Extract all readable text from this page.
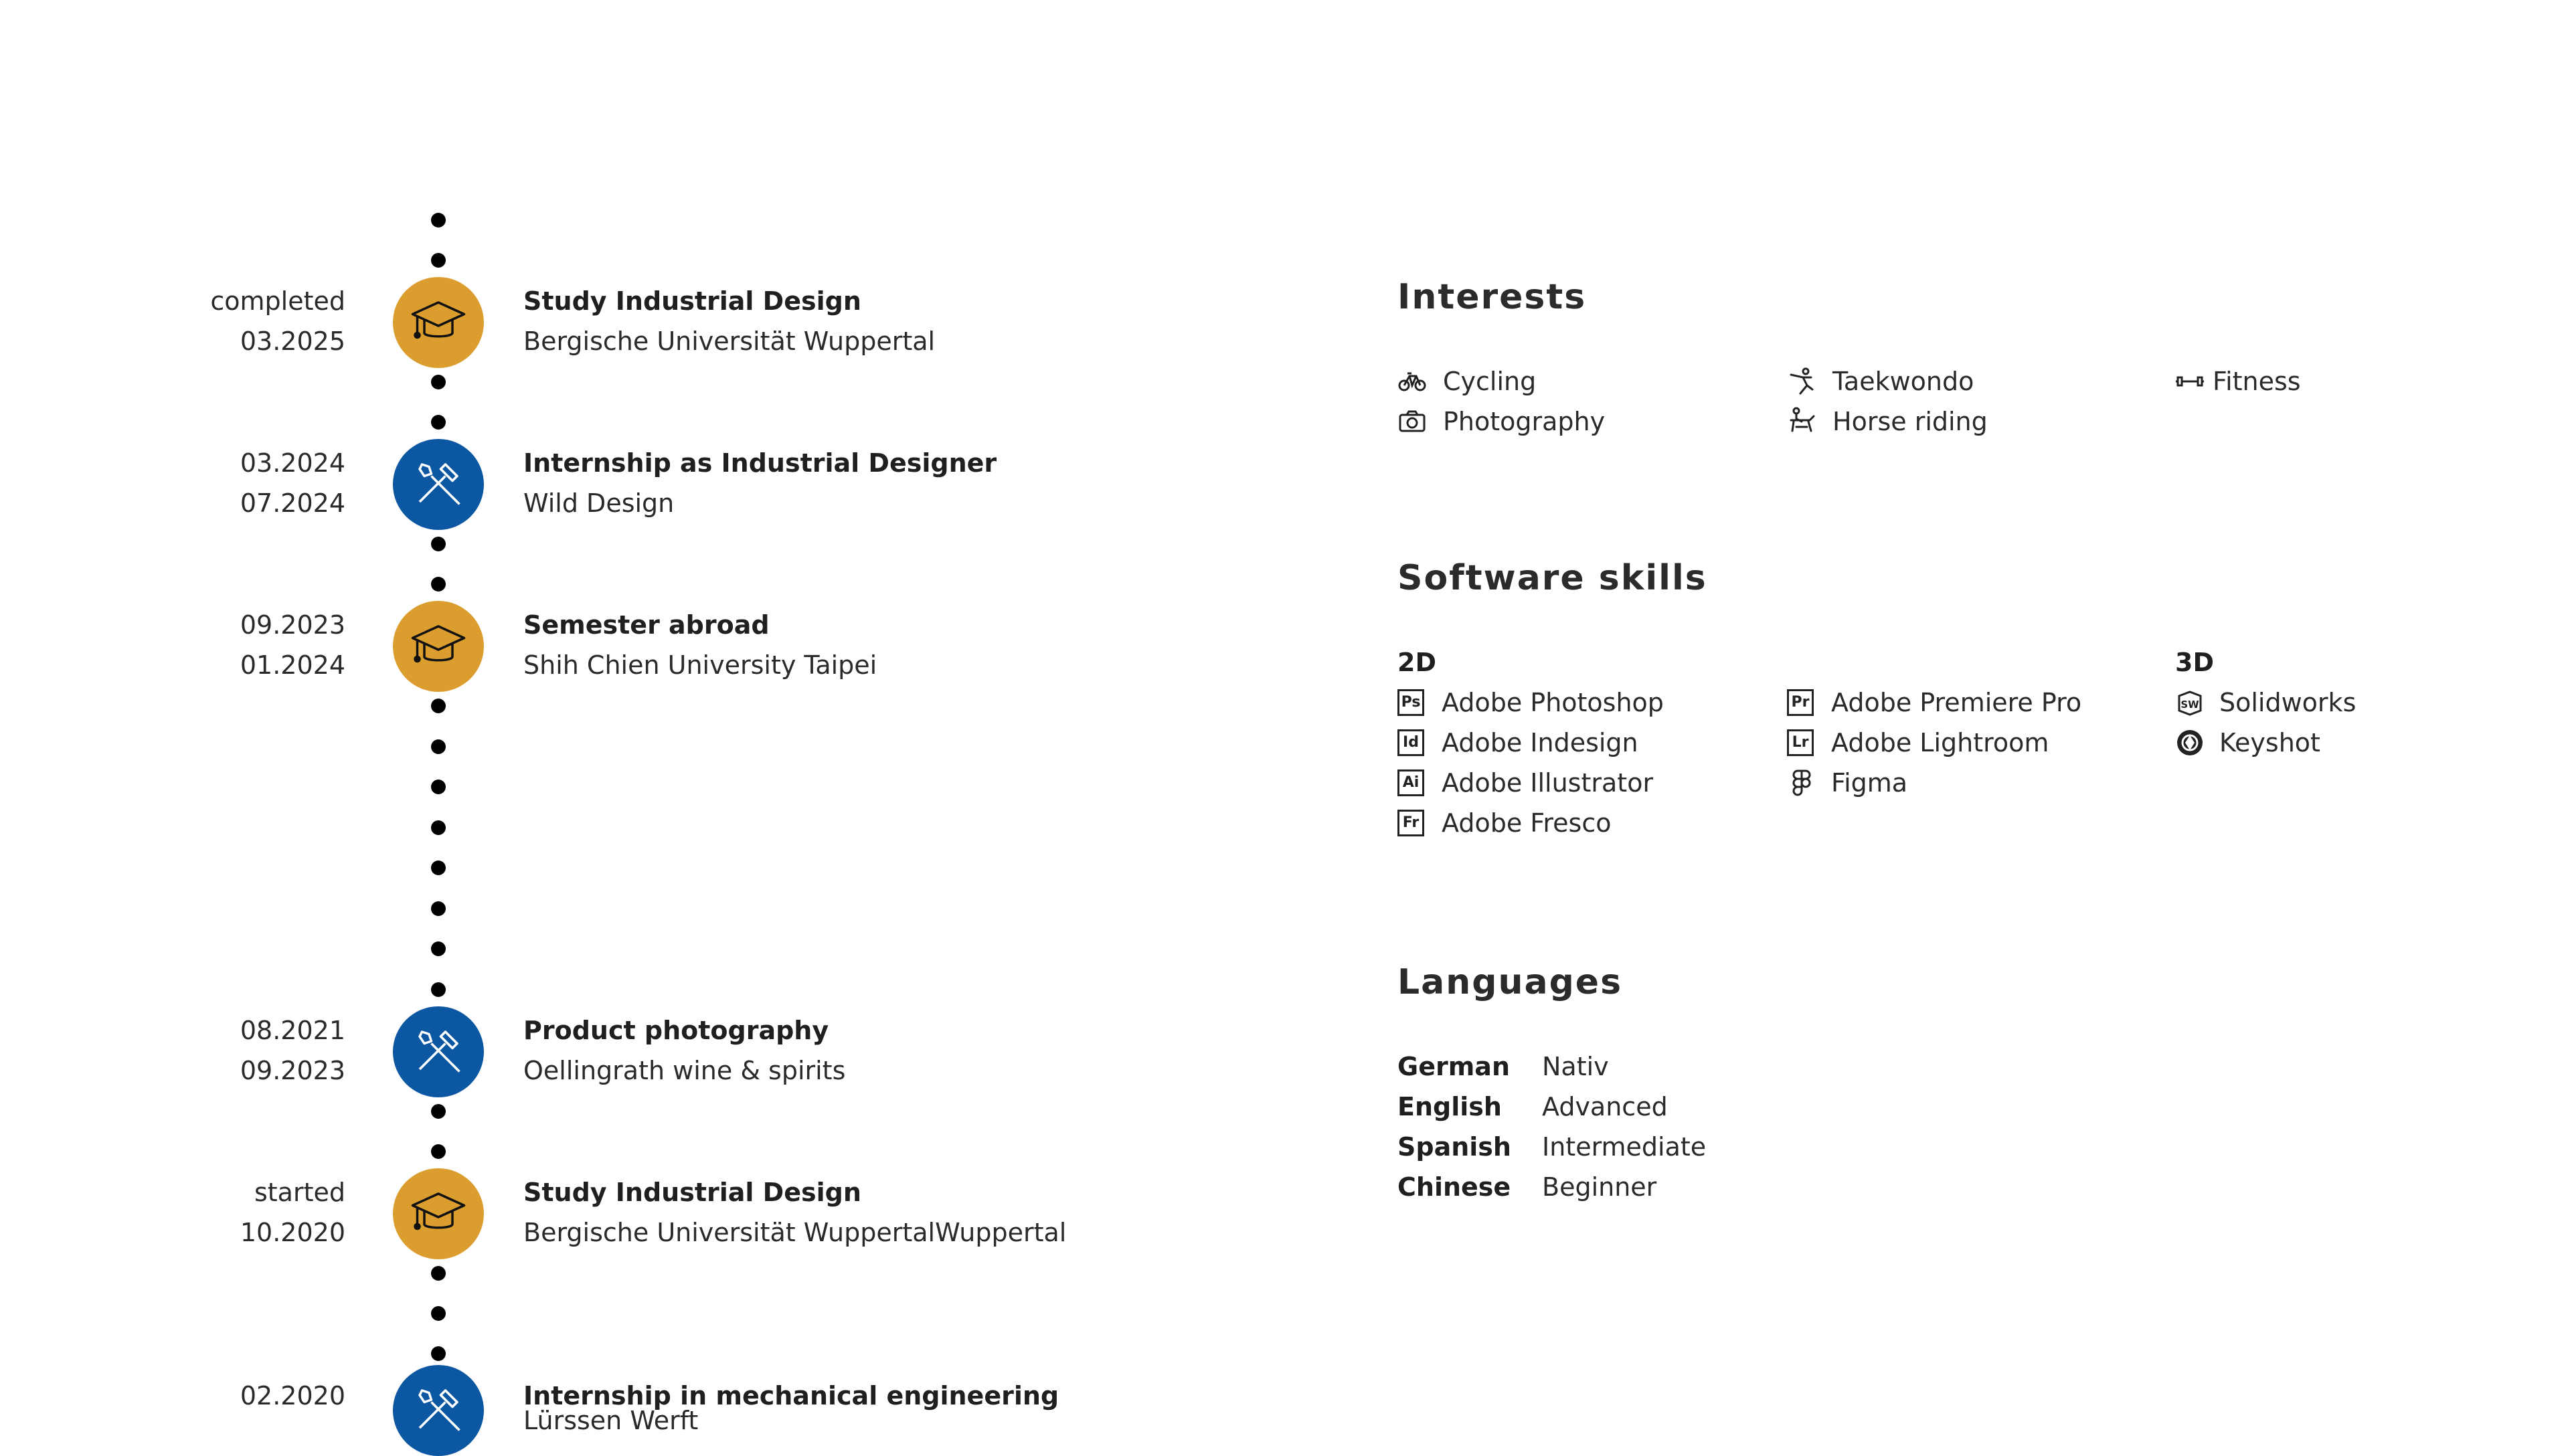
completed
03.2025
Study Industrial Design
Bergische Universität Wuppertal
03.2024
07.2024
Internship as Industrial Designer
Wild Design
09.2023
01.2024
Semester abroad
Shih Chien University Taipei
08.2021
09.2023
Product photography
Oellingrath wine & spirits
started
10.2020
Study Industrial Design
Bergische Universität WuppertalWuppertal
02.2020	Internship in mechanical engineering
Lürssen Werft
Interests
Cycling
Photography
Taekwondo
Horse riding
Fitness
Software skills
2D	3D
Ps Adobe Photoshop
Id Adobe Indesign
Ai Adobe Illustrator
Fr Adobe Fresco
Pr Adobe Premiere Pro
Lr Adobe Lightroom
Figma
SW Solidworks
Keyshot
Languages
German Nativ
English Advanced
Spanish Intermediate
Chinese Beginner
